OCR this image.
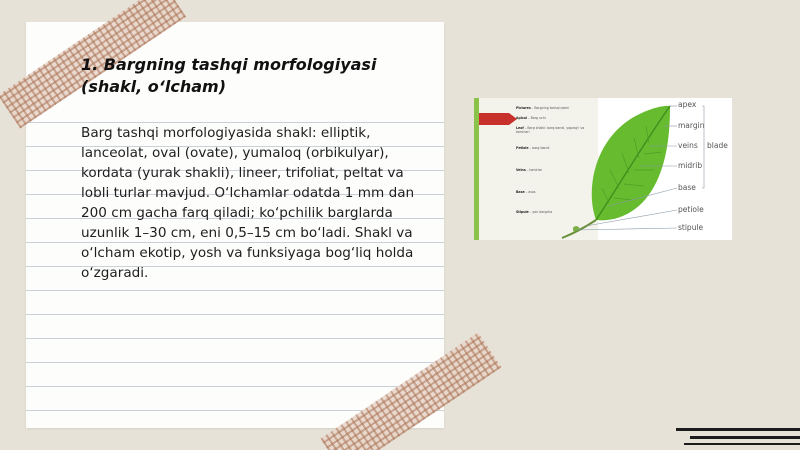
1. Bargning tashqi morfologiyasi (shakl, o‘lcham)
Barg tashqi morfologiyasida shakl: elliptik, lanceolat, oval (ovate), yumaloq (orbikulyar), kordata (yurak shakli), lineer, trifoliat, peltat va lobli turlar mavjud. O‘lchamlar odatda 1 mm dan 200 cm gacha farq qiladi; ko‘pchilik barglarda uzunlik 1–30 cm, eni 0,5–15 cm bo‘ladi. Shakl va o‘lcham ekotip, yosh va funksiyaga bog‘liq holda o‘zgaradi.
Pictures – Bargning tashqi qismi
Apical – Barg uchi
Leaf – Barg shakli: barg bandi, yaprog‘i va tomirlari
Petiole – barg bandi
Veins – tomirlar
Base – asos
Stipule – yon bargcha
apex
margin
veins
midrib
base
petiole
stipule
blade
